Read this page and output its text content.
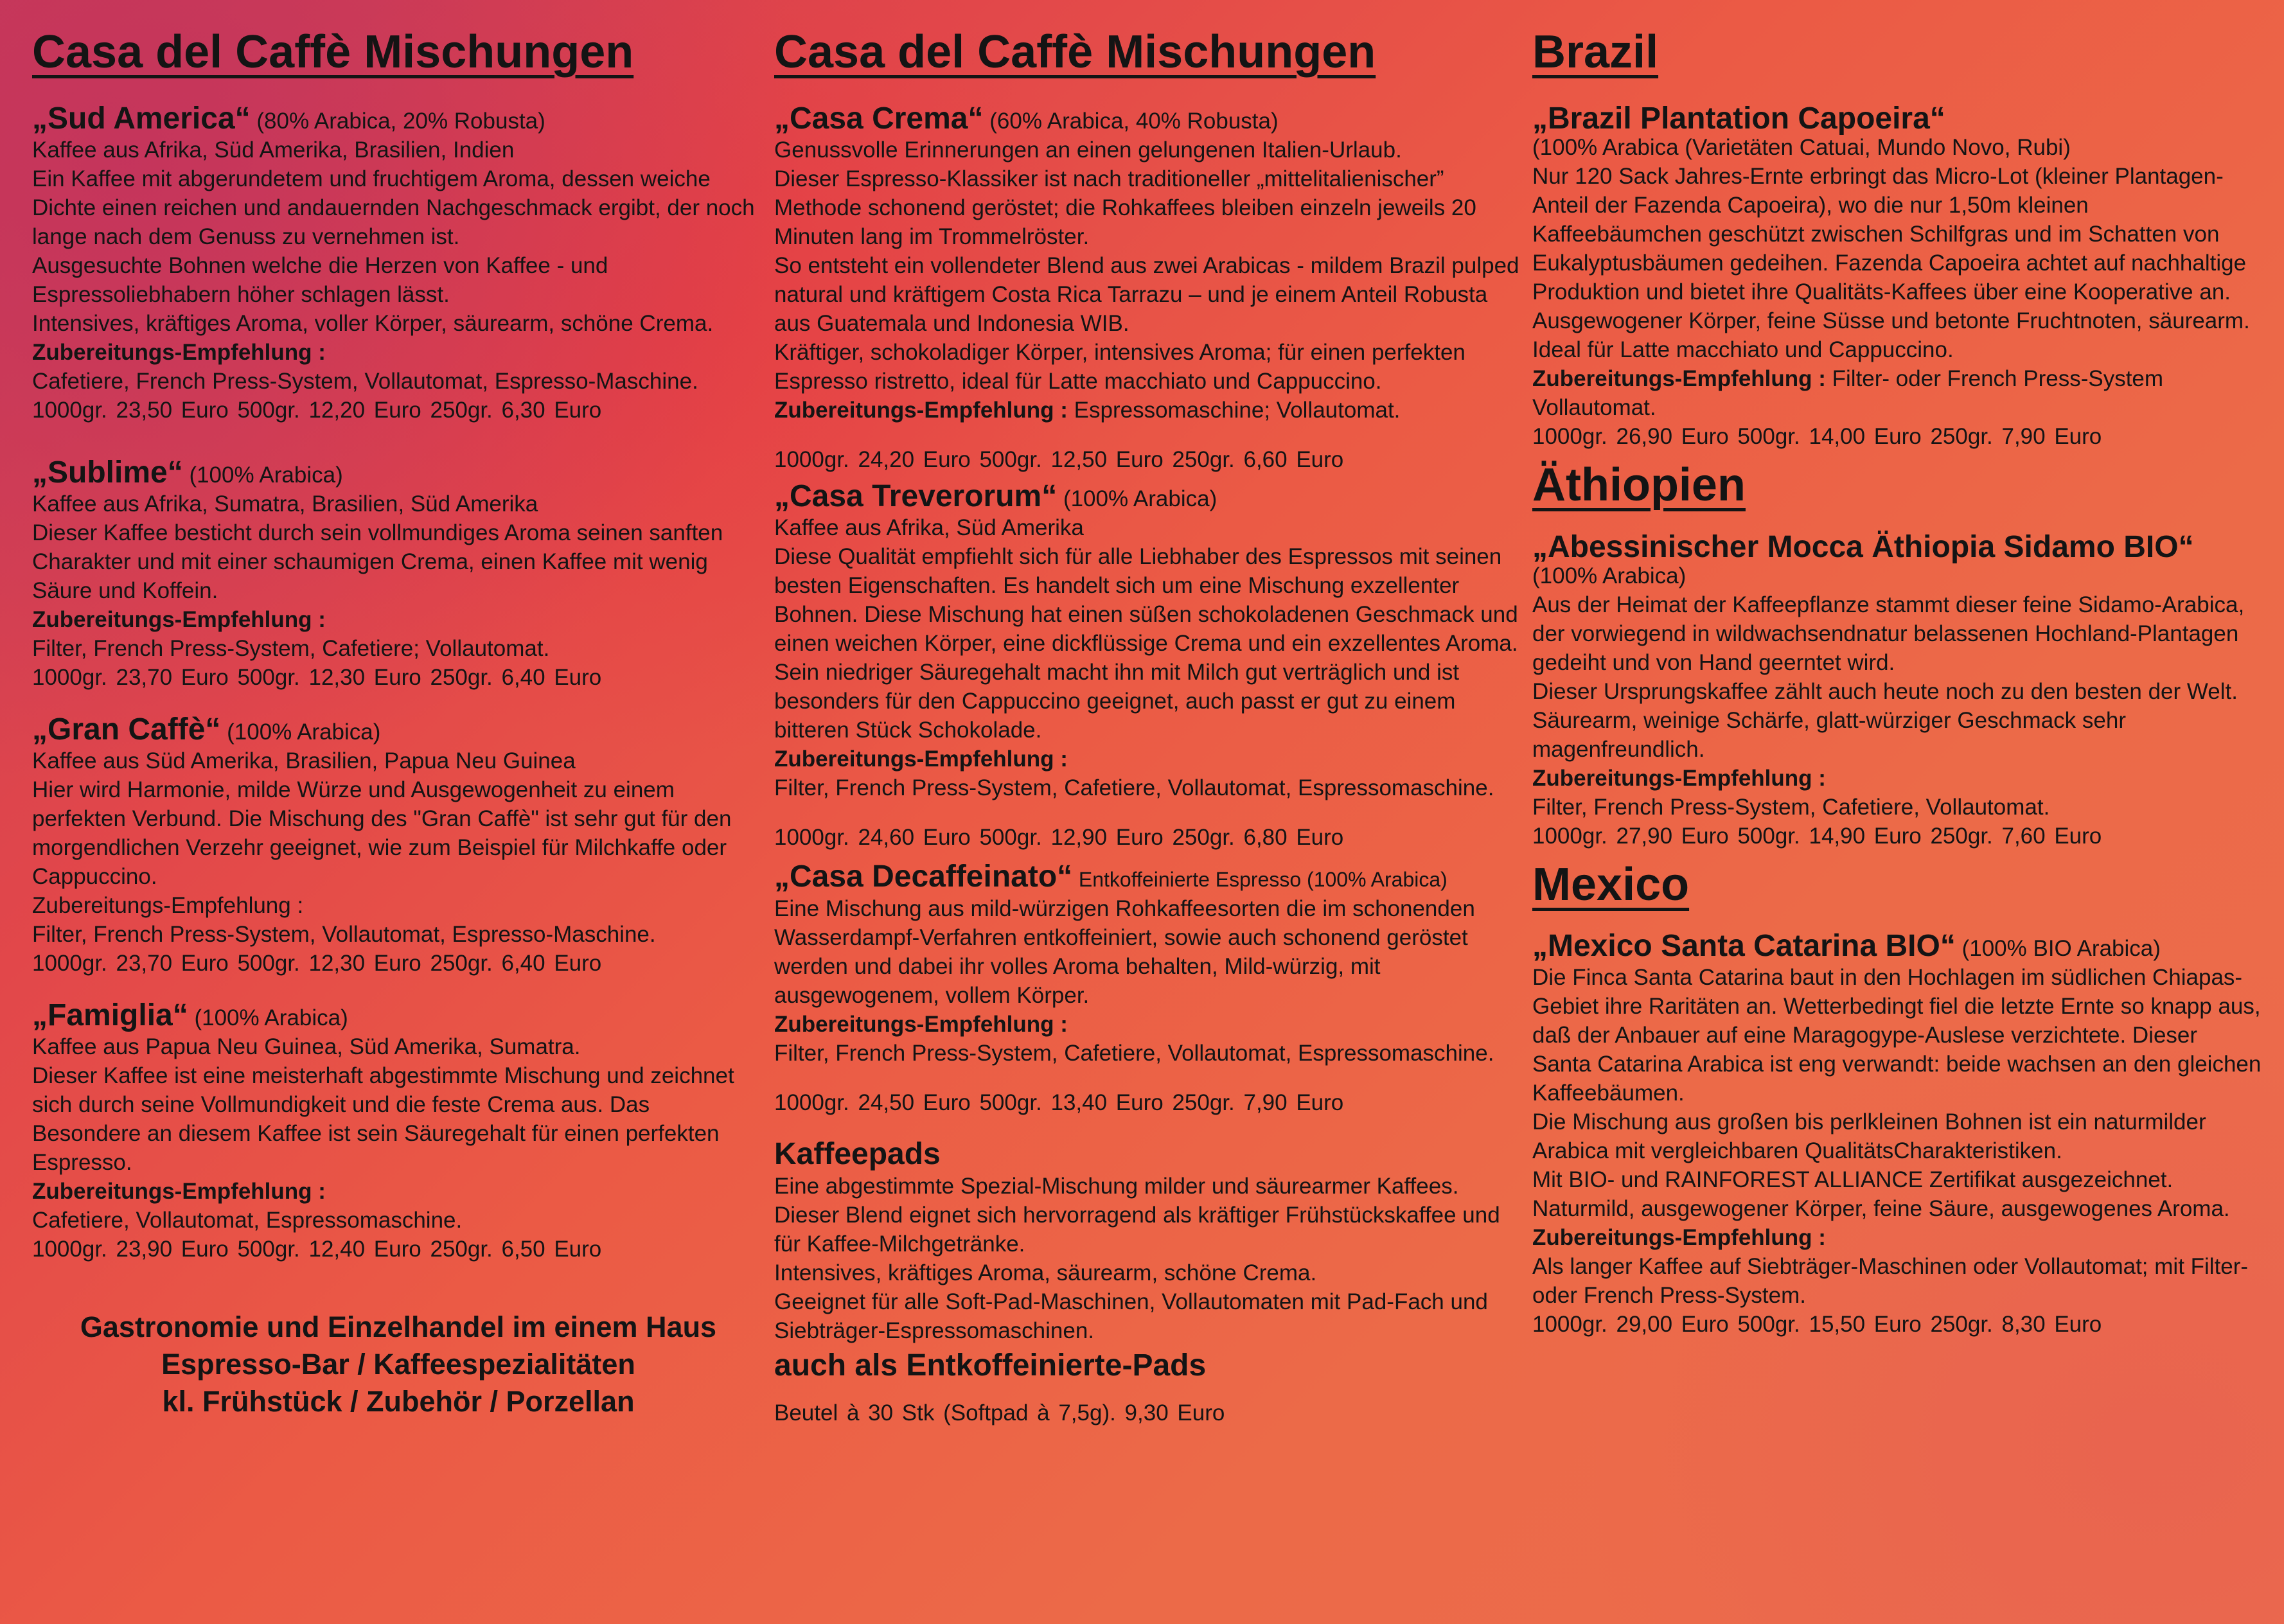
Casa del Caffè Mischungen

„Sud America“ (80% Arabica, 20% Robusta)

Kaffee aus Afrika, Süd Amerika, Brasilien, Indien

Ein Kaffee mit abgerundetem und fruchtigem Aroma, dessen weiche Dichte einen reichen und andauernden Nachgeschmack ergibt, der noch lange nach dem Genuss zu vernehmen ist.

Ausgesuchte Bohnen welche die Herzen von Kaffee - und Espressoliebhabern höher schlagen lässt.

Intensives, kräftiges Aroma, voller Körper, säurearm, schöne Crema.

Zubereitungs-Empfehlung :

Cafetiere, French Press-System, Vollautomat, Espresso-Maschine.

1000gr. 23,50 Euro 500gr. 12,20 Euro 250gr. 6,30 Euro

„Sublime“ (100% Arabica)

Kaffee aus Afrika, Sumatra, Brasilien, Süd Amerika

Dieser Kaffee besticht durch sein vollmundiges Aroma seinen sanften Charakter und mit einer schaumigen Crema, einen Kaffee mit wenig Säure und Koffein.

Zubereitungs-Empfehlung :

Filter, French Press-System, Cafetiere; Vollautomat.

1000gr. 23,70 Euro 500gr. 12,30 Euro 250gr. 6,40 Euro

„Gran Caffè“ (100% Arabica)

Kaffee aus Süd Amerika, Brasilien, Papua Neu Guinea

Hier wird Harmonie, milde Würze und Ausgewogenheit zu einem perfekten Verbund. Die Mischung des "Gran Caffè" ist sehr gut für den morgendlichen Verzehr geeignet, wie zum Beispiel für Milchkaffe oder Cappuccino.

Zubereitungs-Empfehlung :

Filter, French Press-System, Vollautomat, Espresso-Maschine.

1000gr. 23,70 Euro 500gr. 12,30 Euro 250gr. 6,40 Euro

„Famiglia“ (100% Arabica)

Kaffee aus Papua Neu Guinea, Süd Amerika, Sumatra.

Dieser Kaffee ist eine meisterhaft abgestimmte Mischung und zeichnet sich durch seine Vollmundigkeit und die feste Crema aus. Das Besondere an diesem Kaffee ist sein Säuregehalt für einen perfekten Espresso.

Zubereitungs-Empfehlung :

Cafetiere, Vollautomat, Espressomaschine.

1000gr. 23,90 Euro 500gr. 12,40 Euro 250gr. 6,50 Euro

Gastronomie und Einzelhandel im einem Haus
Espresso-Bar / Kaffeespezialitäten
kl. Frühstück / Zubehör / Porzellan
Casa del Caffè Mischungen

„Casa Crema“ (60% Arabica, 40% Robusta)

Genussvolle Erinnerungen an einen gelungenen Italien-Urlaub.

Dieser Espresso-Klassiker ist nach traditioneller „mittelitalienischer” Methode schonend geröstet; die Rohkaffees bleiben einzeln jeweils 20 Minuten lang im Trommelröster.

So entsteht ein vollendeter Blend aus zwei Arabicas - mildem Brazil pulped natural und kräftigem Costa Rica Tarrazu – und je einem Anteil Robusta aus Guatemala und Indonesia WIB.

Kräftiger, schokoladiger Körper, intensives Aroma; für einen perfekten Espresso ristretto, ideal für Latte macchiato und Cappuccino.

Zubereitungs-Empfehlung : Espressomaschine; Vollautomat.

1000gr. 24,20 Euro 500gr. 12,50 Euro 250gr. 6,60 Euro

„Casa Treverorum“ (100% Arabica)

Kaffee aus Afrika, Süd Amerika

Diese Qualität empfiehlt sich für alle Liebhaber des Espressos mit seinen besten Eigenschaften. Es handelt sich um eine Mischung exzellenter Bohnen. Diese Mischung hat einen süßen schokoladenen Geschmack und einen weichen Körper, eine dickflüssige Crema und ein exzellentes Aroma. Sein niedriger Säuregehalt macht ihn mit Milch gut verträglich und ist besonders für den Cappuccino geeignet, auch passt er gut zu einem bitteren Stück Schokolade.

Zubereitungs-Empfehlung :

Filter, French Press-System, Cafetiere, Vollautomat, Espressomaschine.

1000gr. 24,60 Euro 500gr. 12,90 Euro 250gr. 6,80 Euro

„Casa Decaffeinato“ Entkoffeinierte Espresso (100% Arabica)

Eine Mischung aus mild-würzigen Rohkaffeesorten die im schonenden Wasserdampf-Verfahren entkoffeiniert, sowie auch schonend geröstet werden und dabei ihr volles Aroma behalten, Mild-würzig, mit ausgewogenem, vollem Körper.

Zubereitungs-Empfehlung :

Filter, French Press-System, Cafetiere, Vollautomat, Espressomaschine.

1000gr. 24,50 Euro 500gr. 13,40 Euro 250gr. 7,90 Euro

Kaffeepads

Eine abgestimmte Spezial-Mischung milder und säurearmer Kaffees. Dieser Blend eignet sich hervorragend als kräftiger Frühstückskaffee und für Kaffee-Milchgetränke.

Intensives, kräftiges Aroma, säurearm, schöne Crema.

Geeignet für alle Soft-Pad-Maschinen, Vollautomaten mit Pad-Fach und Siebträger-Espressomaschinen.

auch als Entkoffeinierte-Pads

Beutel à 30 Stk (Softpad à 7,5g). 9,30 Euro

Brazil

„Brazil Plantation Capoeira“

(100% Arabica (Varietäten Catuai, Mundo Novo, Rubi)

Nur 120 Sack Jahres-Ernte erbringt das Micro-Lot (kleiner Plantagen-Anteil der Fazenda Capoeira), wo die nur 1,50m kleinen Kaffeebäumchen geschützt zwischen Schilfgras und im Schatten von Eukalyptusbäumen gedeihen. Fazenda Capoeira achtet auf nachhaltige Produktion und bietet ihre Qualitäts-Kaffees über eine Kooperative an.

Ausgewogener Körper, feine Süsse und betonte Fruchtnoten, säurearm.

Ideal für Latte macchiato und Cappuccino.

Zubereitungs-Empfehlung : Filter- oder French Press-System Vollautomat.

1000gr. 26,90 Euro 500gr. 14,00 Euro 250gr. 7,90 Euro

Äthiopien

„Abessinischer Mocca Äthiopia Sidamo BIO“

(100% Arabica)

Aus der Heimat der Kaffeepflanze stammt dieser feine Sidamo-Arabica, der vorwiegend in wildwachsendnatur belassenen Hochland-Plantagen gedeiht und von Hand geerntet wird.

Dieser Ursprungskaffee zählt auch heute noch zu den besten der Welt.

Säurearm, weinige Schärfe, glatt-würziger Geschmack sehr magenfreundlich.

Zubereitungs-Empfehlung :

Filter, French Press-System, Cafetiere, Vollautomat.

1000gr. 27,90 Euro 500gr. 14,90 Euro 250gr. 7,60 Euro

Mexico

„Mexico Santa Catarina BIO“ (100% BIO Arabica)

Die Finca Santa Catarina baut in den Hochlagen im südlichen Chiapas-Gebiet ihre Raritäten an. Wetterbedingt fiel die letzte Ernte so knapp aus, daß der Anbauer auf eine Maragogype-Auslese verzichtete. Dieser Santa Catarina Arabica ist eng verwandt: beide wachsen an den gleichen Kaffeebäumen.

Die Mischung aus großen bis perlkleinen Bohnen ist ein naturmilder Arabica mit vergleichbaren QualitätsCharakteristiken.

Mit BIO- und RAINFOREST ALLIANCE Zertifikat ausgezeichnet.

Naturmild, ausgewogener Körper, feine Säure, ausgewogenes Aroma.

Zubereitungs-Empfehlung :

Als langer Kaffee auf Siebträger-Maschinen oder Vollautomat; mit Filter- oder French Press-System.

1000gr. 29,00 Euro 500gr. 15,50 Euro 250gr. 8,30 Euro
